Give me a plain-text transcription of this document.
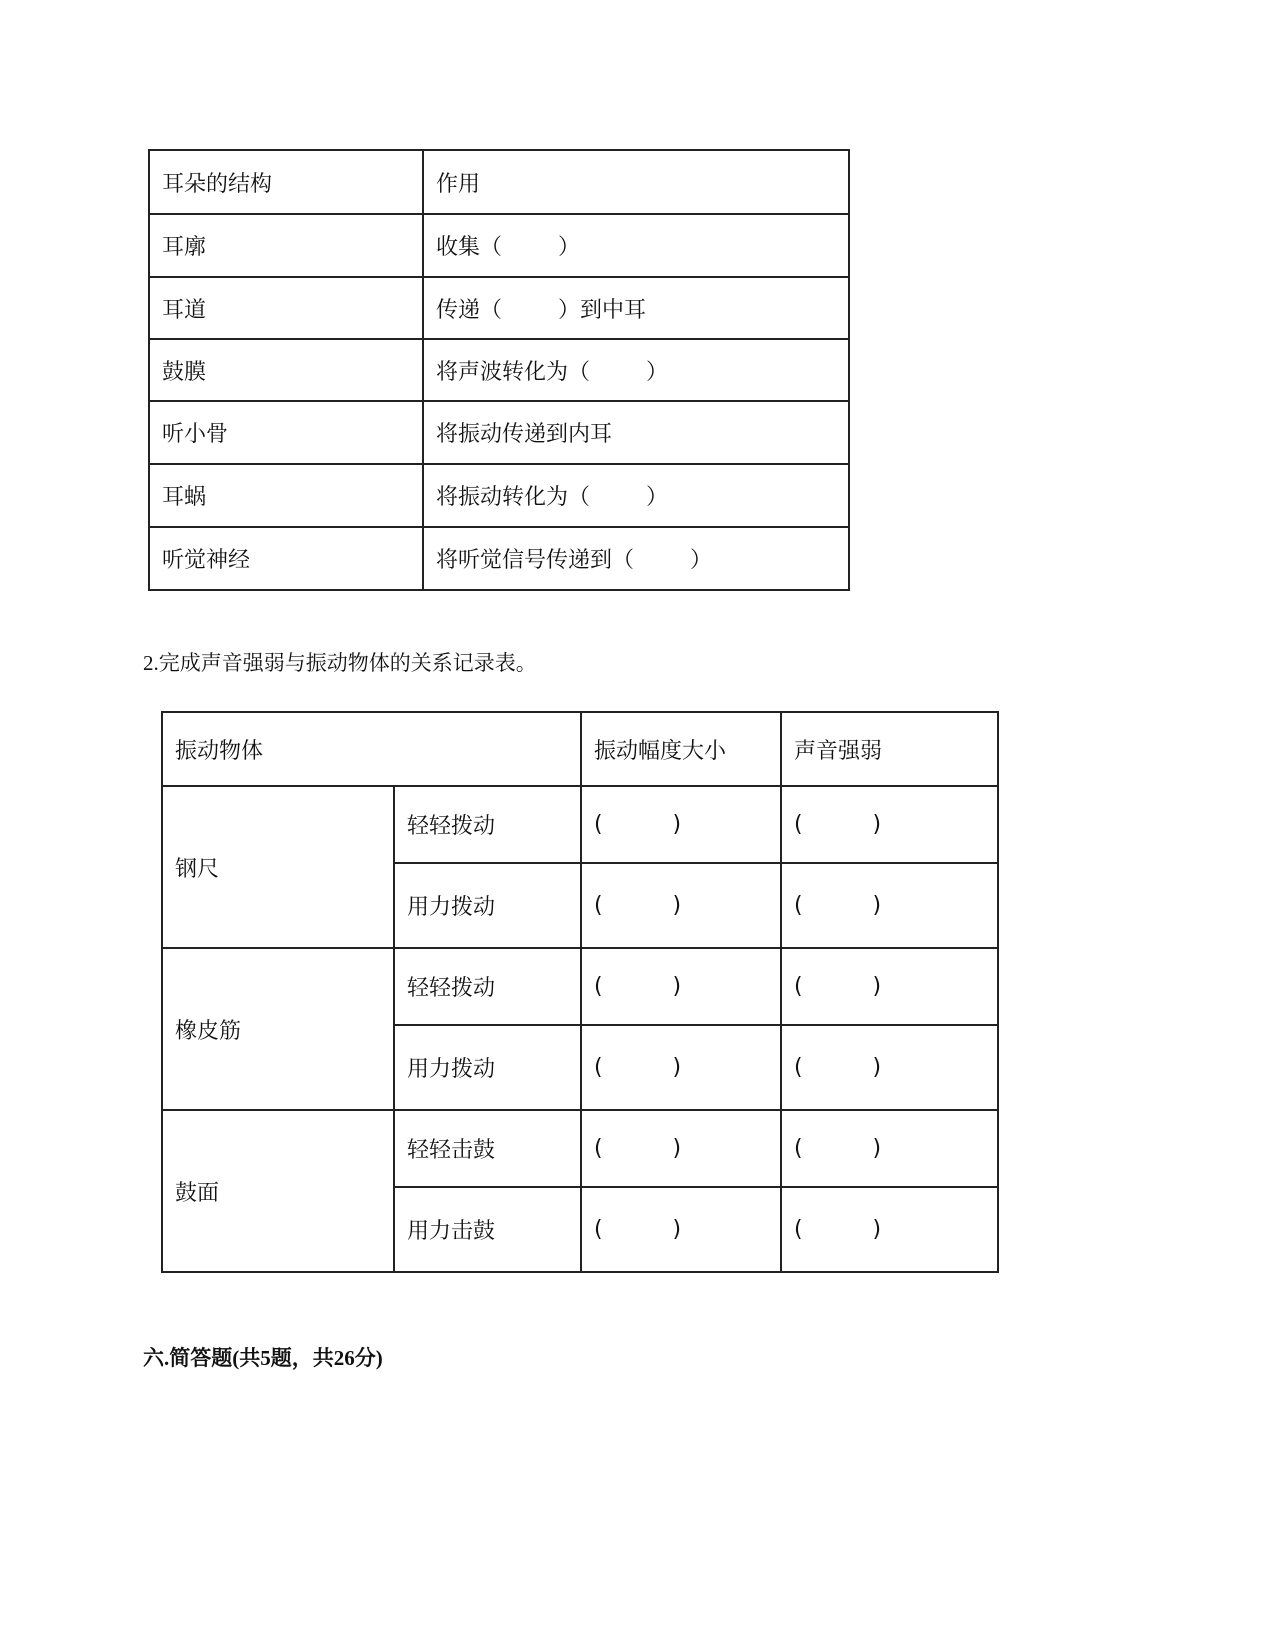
耳朵的结构	作用
耳廓	收集（        ）
耳道	传递（        ）到中耳
鼓膜	将声波转化为（        ）
听小骨	将振动传递到内耳
耳蜗	将振动转化为（        ）
听觉神经	将听觉信号传递到（        ）
2.完成声音强弱与振动物体的关系记录表。
振动物体		振动幅度大小	声音强弱
钢尺	轻轻拨动	(          )	(          )
	用力拨动	(          )	(          )
橡皮筋	轻轻拨动	(          )	(          )
	用力拨动	(          )	(          )
鼓面	轻轻击鼓	(          )	(          )
	用力击鼓	(          )	(          )
六.简答题(共5题，共26分)
